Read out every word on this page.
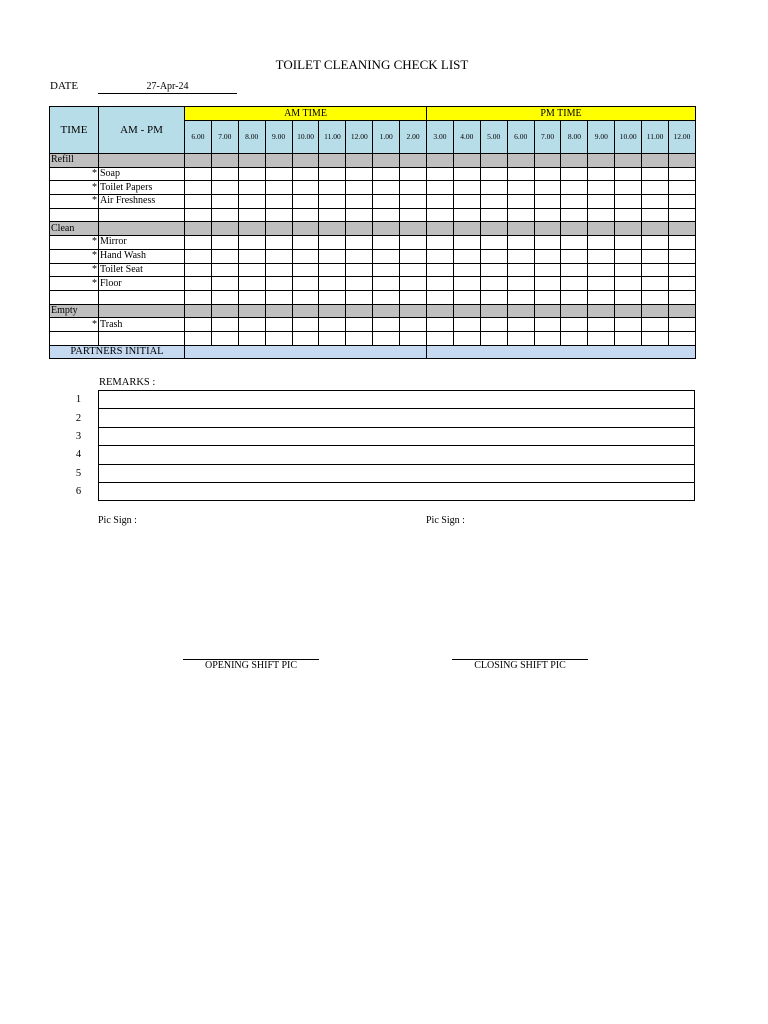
TOILET CLEANING CHECK LIST
DATE	27-Apr-24
TIME	AM - PM	AM TIME									PM TIME									
		6.00	7.00	8.00	9.00	10.00	11.00	12.00	1.00	2.00	3.00	4.00	5.00	6.00	7.00	8.00	9.00	10.00	11.00	12.00
Refill																				
*	Soap																			
*	Toilet Papers																			
*	Air Freshness																			

Clean																				
*	Mirror																			
*	Hand Wash																			
*	Toilet Seat																			
*	Floor																			

Empty																				
*	Trash																			

PARTNERS INITIAL																				
REMARKS :
1	
2	
3	
4	
5	
6	
Pic Sign :	Pic Sign :
OPENING SHIFT PIC	CLOSING SHIFT PIC
